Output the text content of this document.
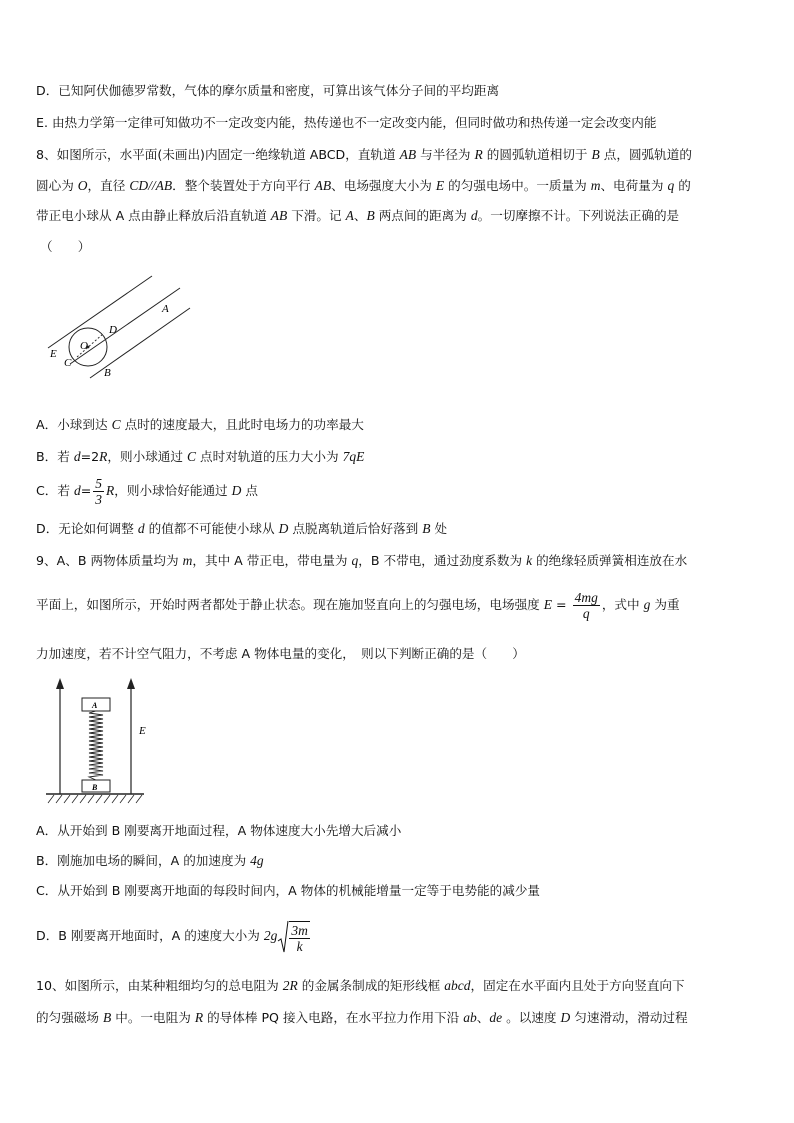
D．已知阿伏伽德罗常数，气体的摩尔质量和密度，可算出该气体分子间的平均距离
E. 由热力学第一定律可知做功不一定改变内能，热传递也不一定改变内能，但同时做功和热传递一定会改变内能
8、如图所示，水平面(未画出)内固定一绝缘轨道 ABCD，直轨道 AB 与半径为 R 的圆弧轨道相切于 B 点，圆弧轨道的
圆心为 O，直径 CD//AB．整个装置处于方向平行 AB、电场强度大小为 E 的匀强电场中。一质量为 m、电荷量为 q 的
带正电小球从 A 点由静止释放后沿直轨道 AB 下滑。记 A、B 两点间的距离为 d。一切摩擦不计。下列说法正确的是
（　　）
A
B
C
D
E
O
A．小球到达 C 点时的速度最大，且此时电场力的功率最大
B．若 d=2R，则小球通过 C 点时对轨道的压力大小为 7qE
C．若 $d= \frac{5}{3}$ R，则小球恰好能通过 D 点
D．无论如何调整 d 的值都不可能使小球从 D 点脱离轨道后恰好落到 B 处
9、A、B 两物体质量均为 m，其中 A 带正电，带电量为 q，B 不带电，通过劲度系数为 k 的绝缘轻质弹簧相连放在水
平面上，如图所示，开始时两者都处于静止状态。现在施加竖直向上的匀强电场，电场强度 $E = \frac{4mg}{q}$ ，式中 g 为重
力加速度，若不计空气阻力，不考虑 A 物体电量的变化，　则以下判断正确的是（　　）
A
B
E
A．从开始到 B 刚要离开地面过程，A 物体速度大小先增大后减小
B．刚施加电场的瞬间，A 的加速度为 4g
C．从开始到 B 刚要离开地面的每段时间内，A 物体的机械能增量一定等于电势能的减少量
D．B 刚要离开地面时，A 的速度大小为 $2g \frac{3m}{k}$
10、如图所示，由某种粗细均匀的总电阻为 2R 的金属条制成的矩形线框 abcd，固定在水平面内且处于方向竖直向下
的匀强磁场 B 中。一电阻为 R 的导体棒 PQ 接入电路，在水平拉力作用下沿 ab、de 。以速度 D 匀速滑动，滑动过程
